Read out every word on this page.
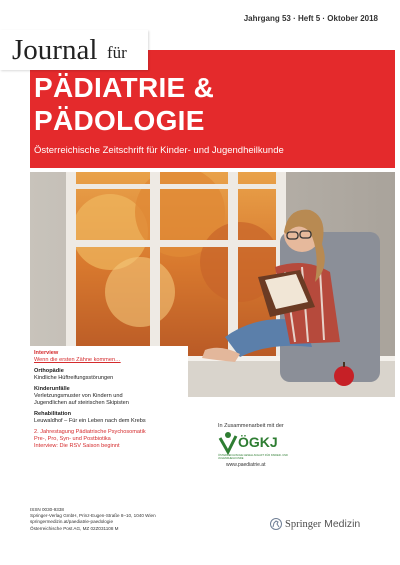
Jahrgang 53 · Heft 5 · Oktober 2018
Journal für
PÄDIATRIE &
PÄDOLOGIE
Österreichische Zeitschrift für Kinder- und Jugendheilkunde
Interview
Wenn die ersten Zähne kommen…
Orthopädie
Kindliche Hüftreifungsstörungen
Kinderunfälle
Verletzungsmuster von Kindern und
Jugendlichen auf steirischen Skipisten
Rehabilitation
Leuwaldhof – Für ein Leben nach dem Krebs
2. Jahrestagung Pädiatrische Psychosomatik
Pre-, Pro, Syn- und Postbiotika
Interview: Die RSV Saison beginnt
In Zusammenarbeit mit der
ÖGKJ
ÖSTERREICHISCHE GESELLSCHAFT FÜR KINDER- UND JUGENDHEILKUNDE
www.paediatrie.at
ISSN 0030-9338
Springer-Verlag GmbH, Prinz-Eugen-Straße 8–10, 1040 Wien
springermedizin.at/paediatrie-paedologie
Österreichische Post AG, MZ 02Z031108 M	Springer Medizin
